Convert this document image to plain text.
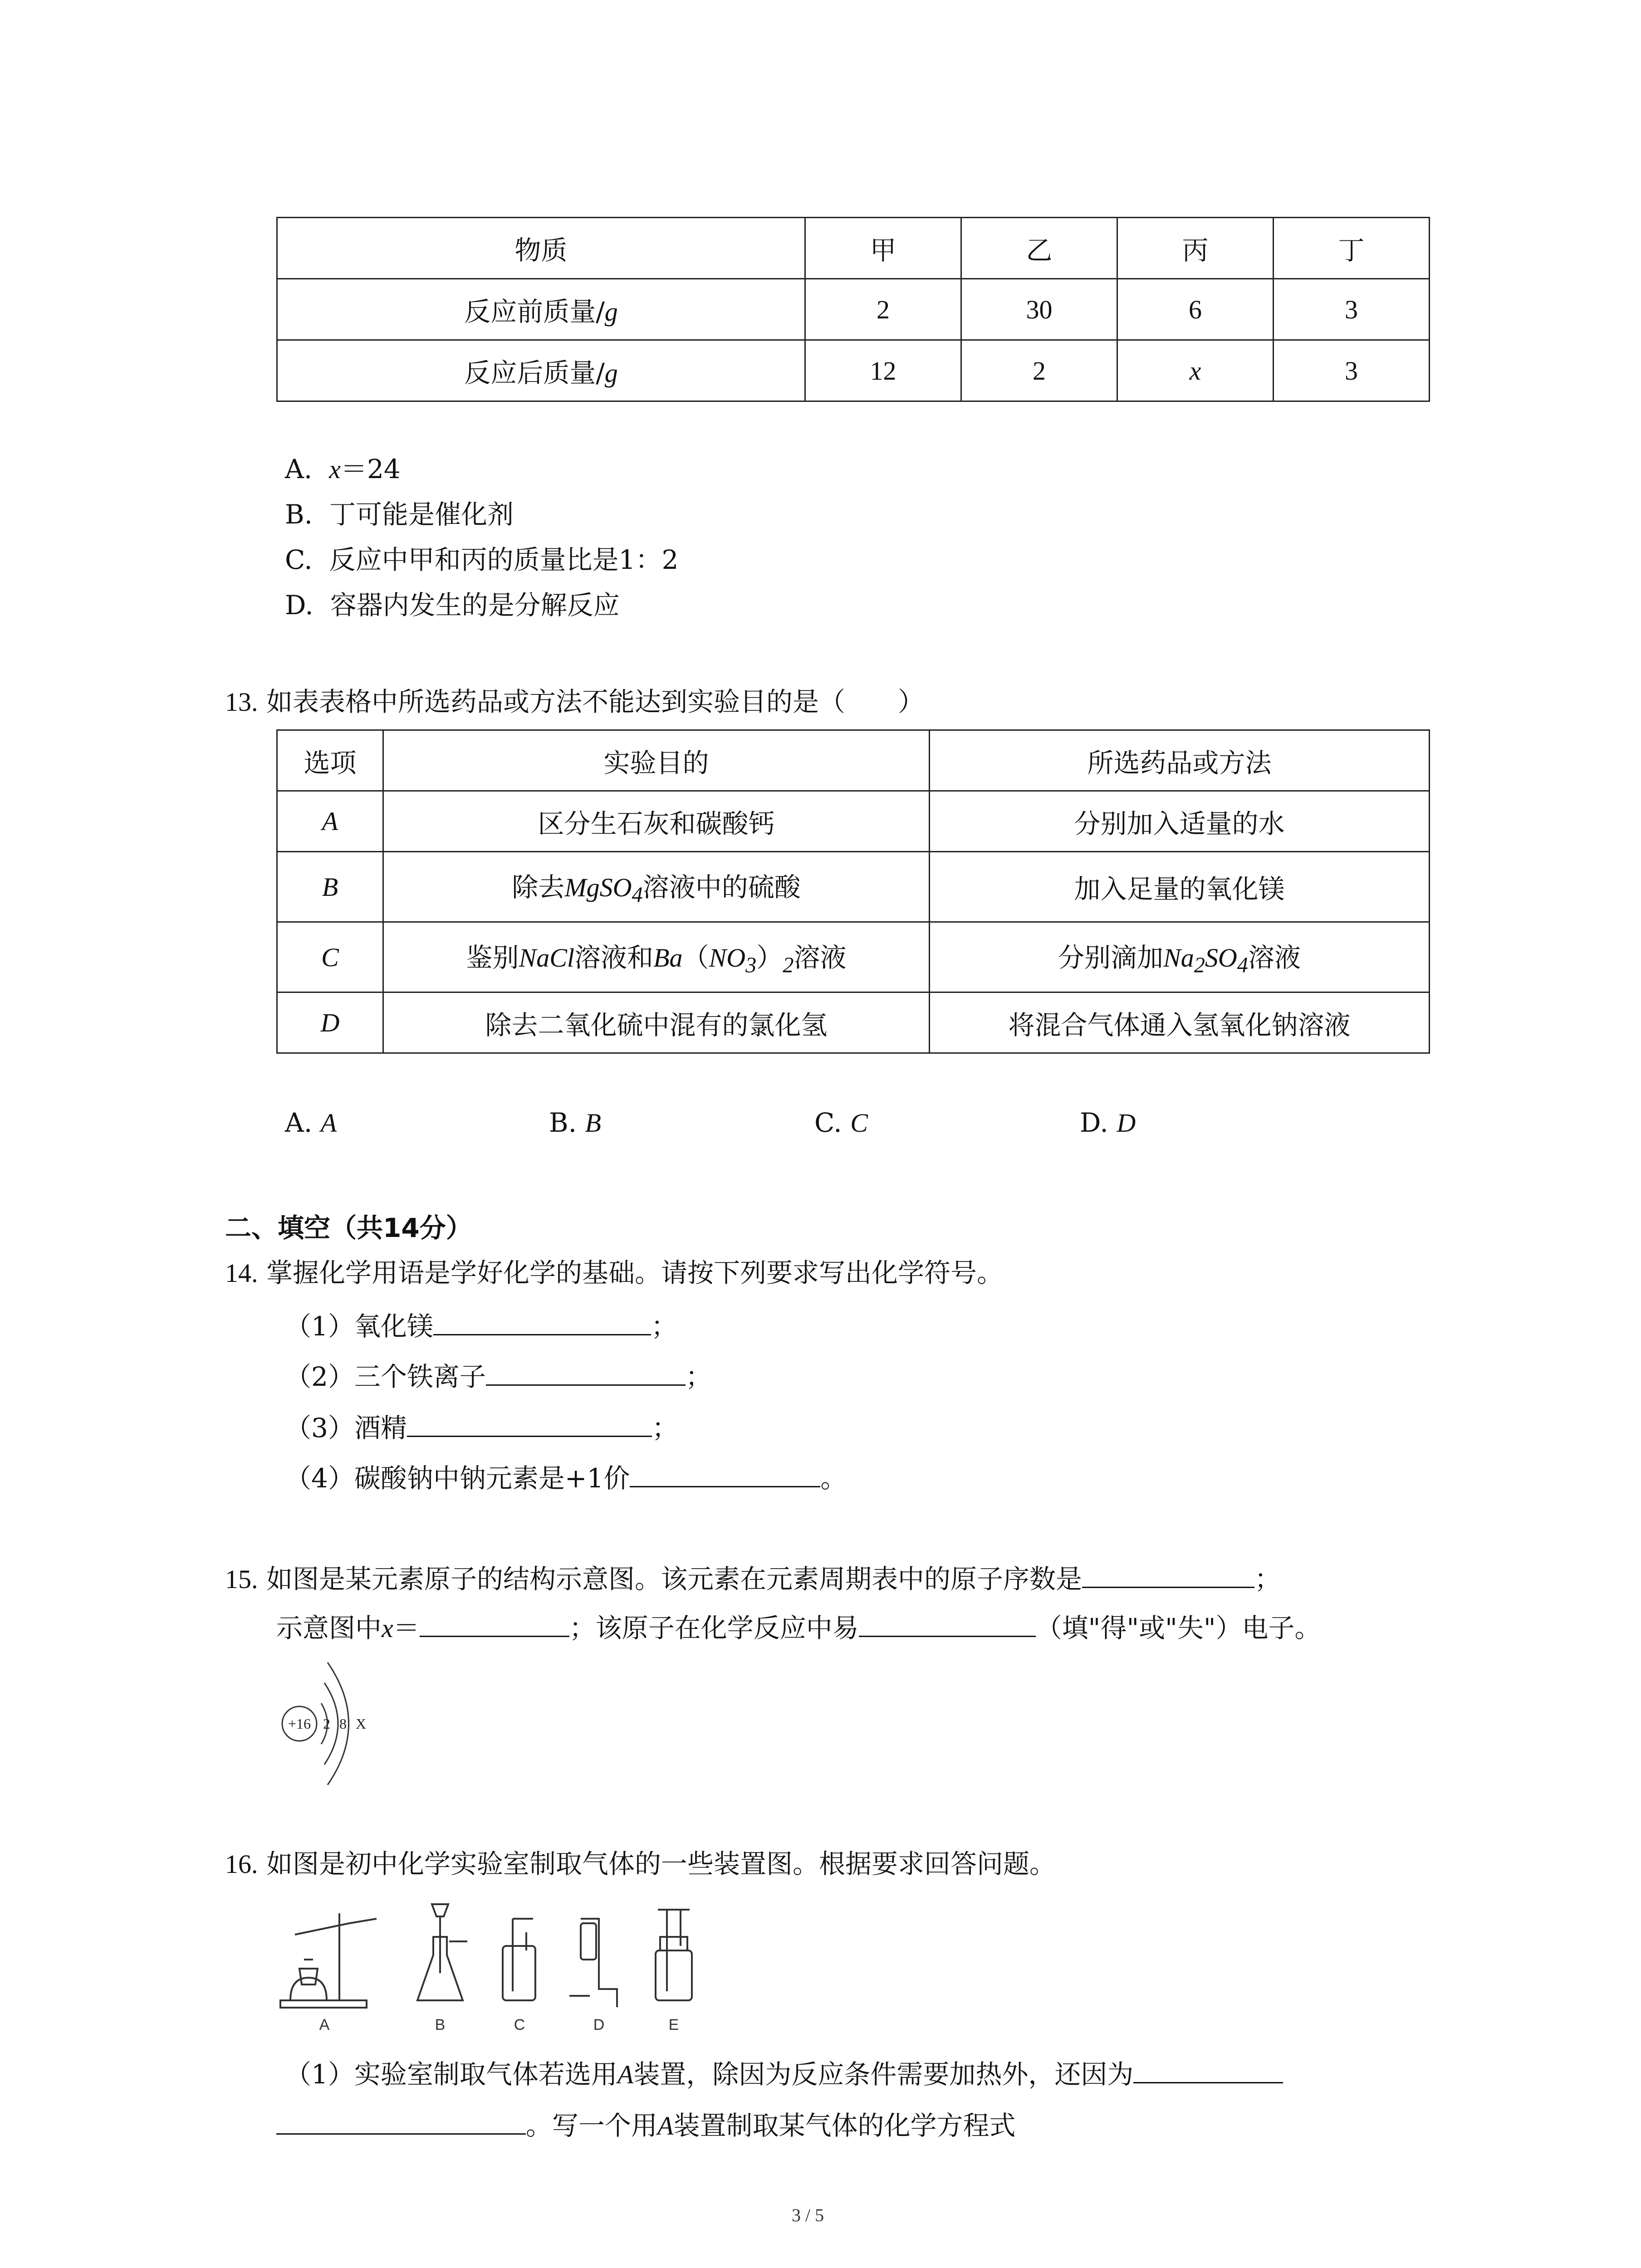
物质	甲	乙	丙	丁
反应前质量/g	2	30	6	3
反应后质量/g	12	2	x	3
A. x＝24
B. 丁可能是催化剂
C. 反应中甲和丙的质量比是1：2
D. 容器内发生的是分解反应
13. 如表表格中所选药品或方法不能达到实验目的是（　　）
选项	实验目的	所选药品或方法
A	区分生石灰和碳酸钙	分别加入适量的水
B	除去MgSO$_4$溶液中的硫酸	加入足量的氧化镁
C	鉴别NaCl溶液和$Ba(NO_3)_2$溶液	分别滴加$Na_2SO_4$溶液
D	除去二氧化硫中混有的氯化氢	将混合气体通入氢氧化钠溶液
A. A	B. B	C. C	D. D
二、填空（共14分）
14. 掌握化学用语是学好化学的基础。请按下列要求写出化学符号。
（1）氧化镁	；
（2）三个铁离子	；
（3）酒精	；
（4）碳酸钠中钠元素是+1价	。
15. 如图是某元素原子的结构示意图。该元素在元素周期表中的原子序数是	；
示意图中x＝	；该原子在化学反应中易	（填"得"或"失"）电子。
+16 2 8 X
16. 如图是初中化学实验室制取气体的一些装置图。根据要求回答问题。
A	B	C	D	E
（1）实验室制取气体若选用A装置，除因为反应条件需要加热外，还因为
。写一个用A装置制取某气体的化学方程式
3 / 5
